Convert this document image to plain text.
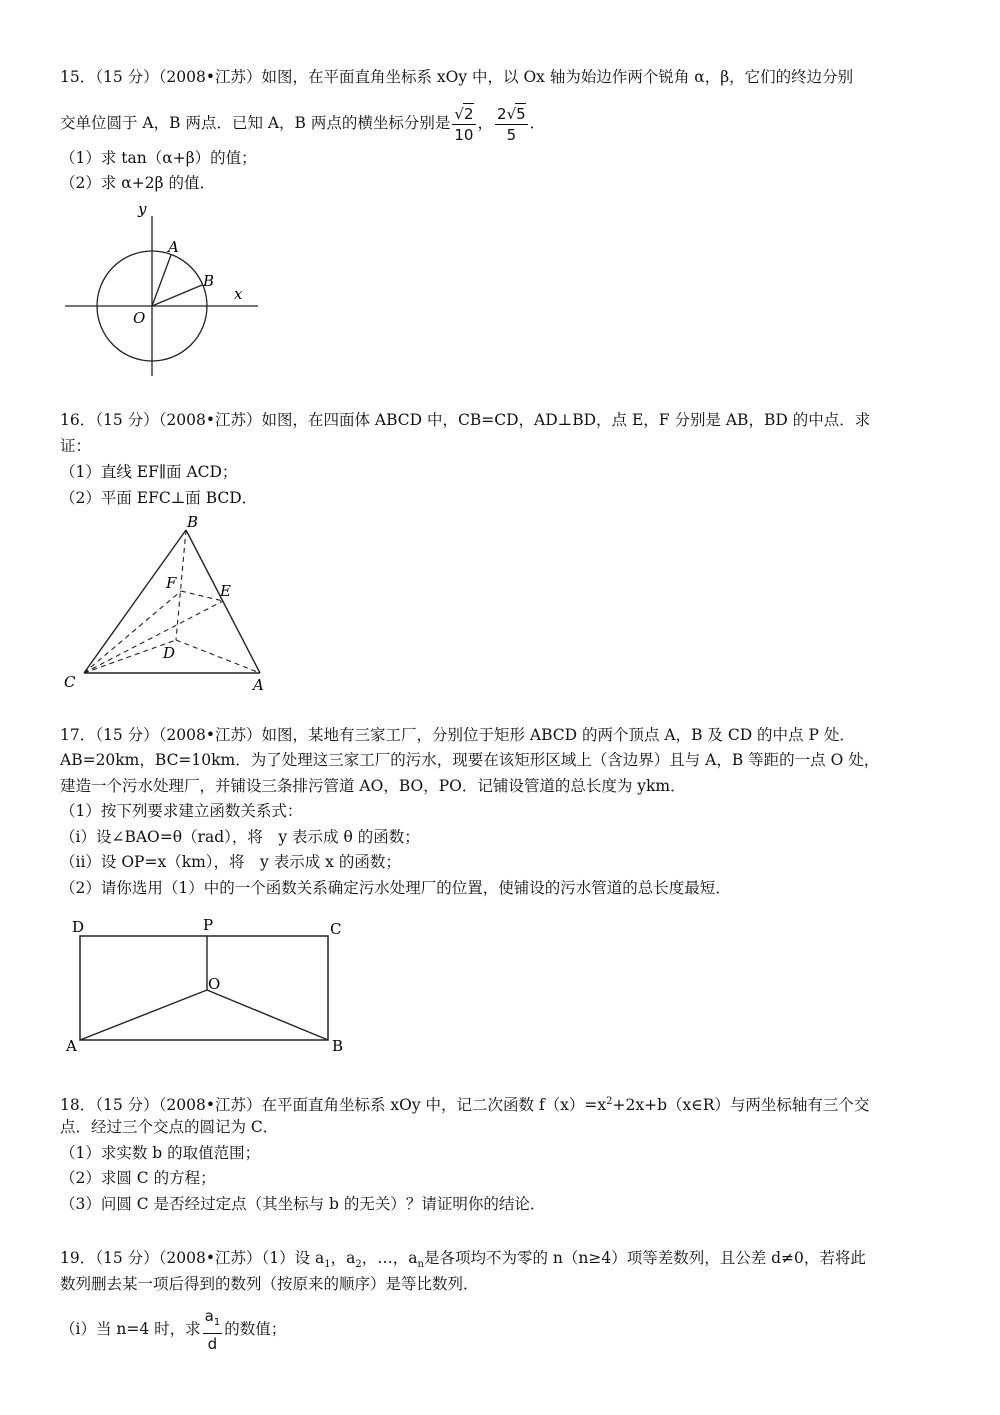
15．（15 分）（2008•江苏）如图，在平面直角坐标系 xOy 中，以 Ox 轴为始边作两个锐角 α，β，它们的终边分别
交单位圆于 A，B 两点．已知 A，B 两点的横坐标分别是 $\frac{√2}{10}$ ， $\frac{2√5}{5}$ ．
（1）求 tan（α+β）的值；
（2）求 α+2β 的值．
y
x
O
A
B
16．（15 分）（2008•江苏）如图，在四面体 ABCD 中，CB=CD，AD⊥BD，点 E，F 分别是 AB，BD 的中点．求
证：
（1）直线 EF∥面 ACD；
（2）平面 EFC⊥面 BCD．
B
F	E
D
C	A
17．（15 分）（2008•江苏）如图，某地有三家工厂，分别位于矩形 ABCD 的两个顶点 A，B 及 CD 的中点 P 处．
AB=20km，BC=10km．为了处理这三家工厂的污水，现要在该矩形区域上（含边界）且与 A，B 等距的一点 O 处，
建造一个污水处理厂，并铺设三条排污管道 AO，BO，PO．记铺设管道的总长度为 ykm．
（1）按下列要求建立函数关系式：
（i）设∠BAO=θ（rad），将　y 表示成 θ 的函数；
（ii）设 OP=x（km），将　y 表示成 x 的函数；
（2）请你选用（1）中的一个函数关系确定污水处理厂的位置，使铺设的污水管道的总长度最短．
D	P	C
O
A	B
18．（15 分）（2008•江苏）在平面直角坐标系 xOy 中，记二次函数 $f(x)=x^2+2x+b(x\in R)$与两坐标轴有三个交
点．经过三个交点的圆记为 C．
（1）求实数 b 的取值范围；
（2）求圆 C 的方程；
（3）问圆 C 是否经过定点（其坐标与 b 的无关）？请证明你的结论．
19．（15 分）（2008•江苏）（1）设 $a_1$，$a_2$，…，$a_n$是各项均不为零的 n（n≥4）项等差数列，且公差 d≠0，若将此
数列删去某一项后得到的数列（按原来的顺序）是等比数列．
（i）当 n=4 时，求 $\frac{a_1}{d}$ 的数值；
